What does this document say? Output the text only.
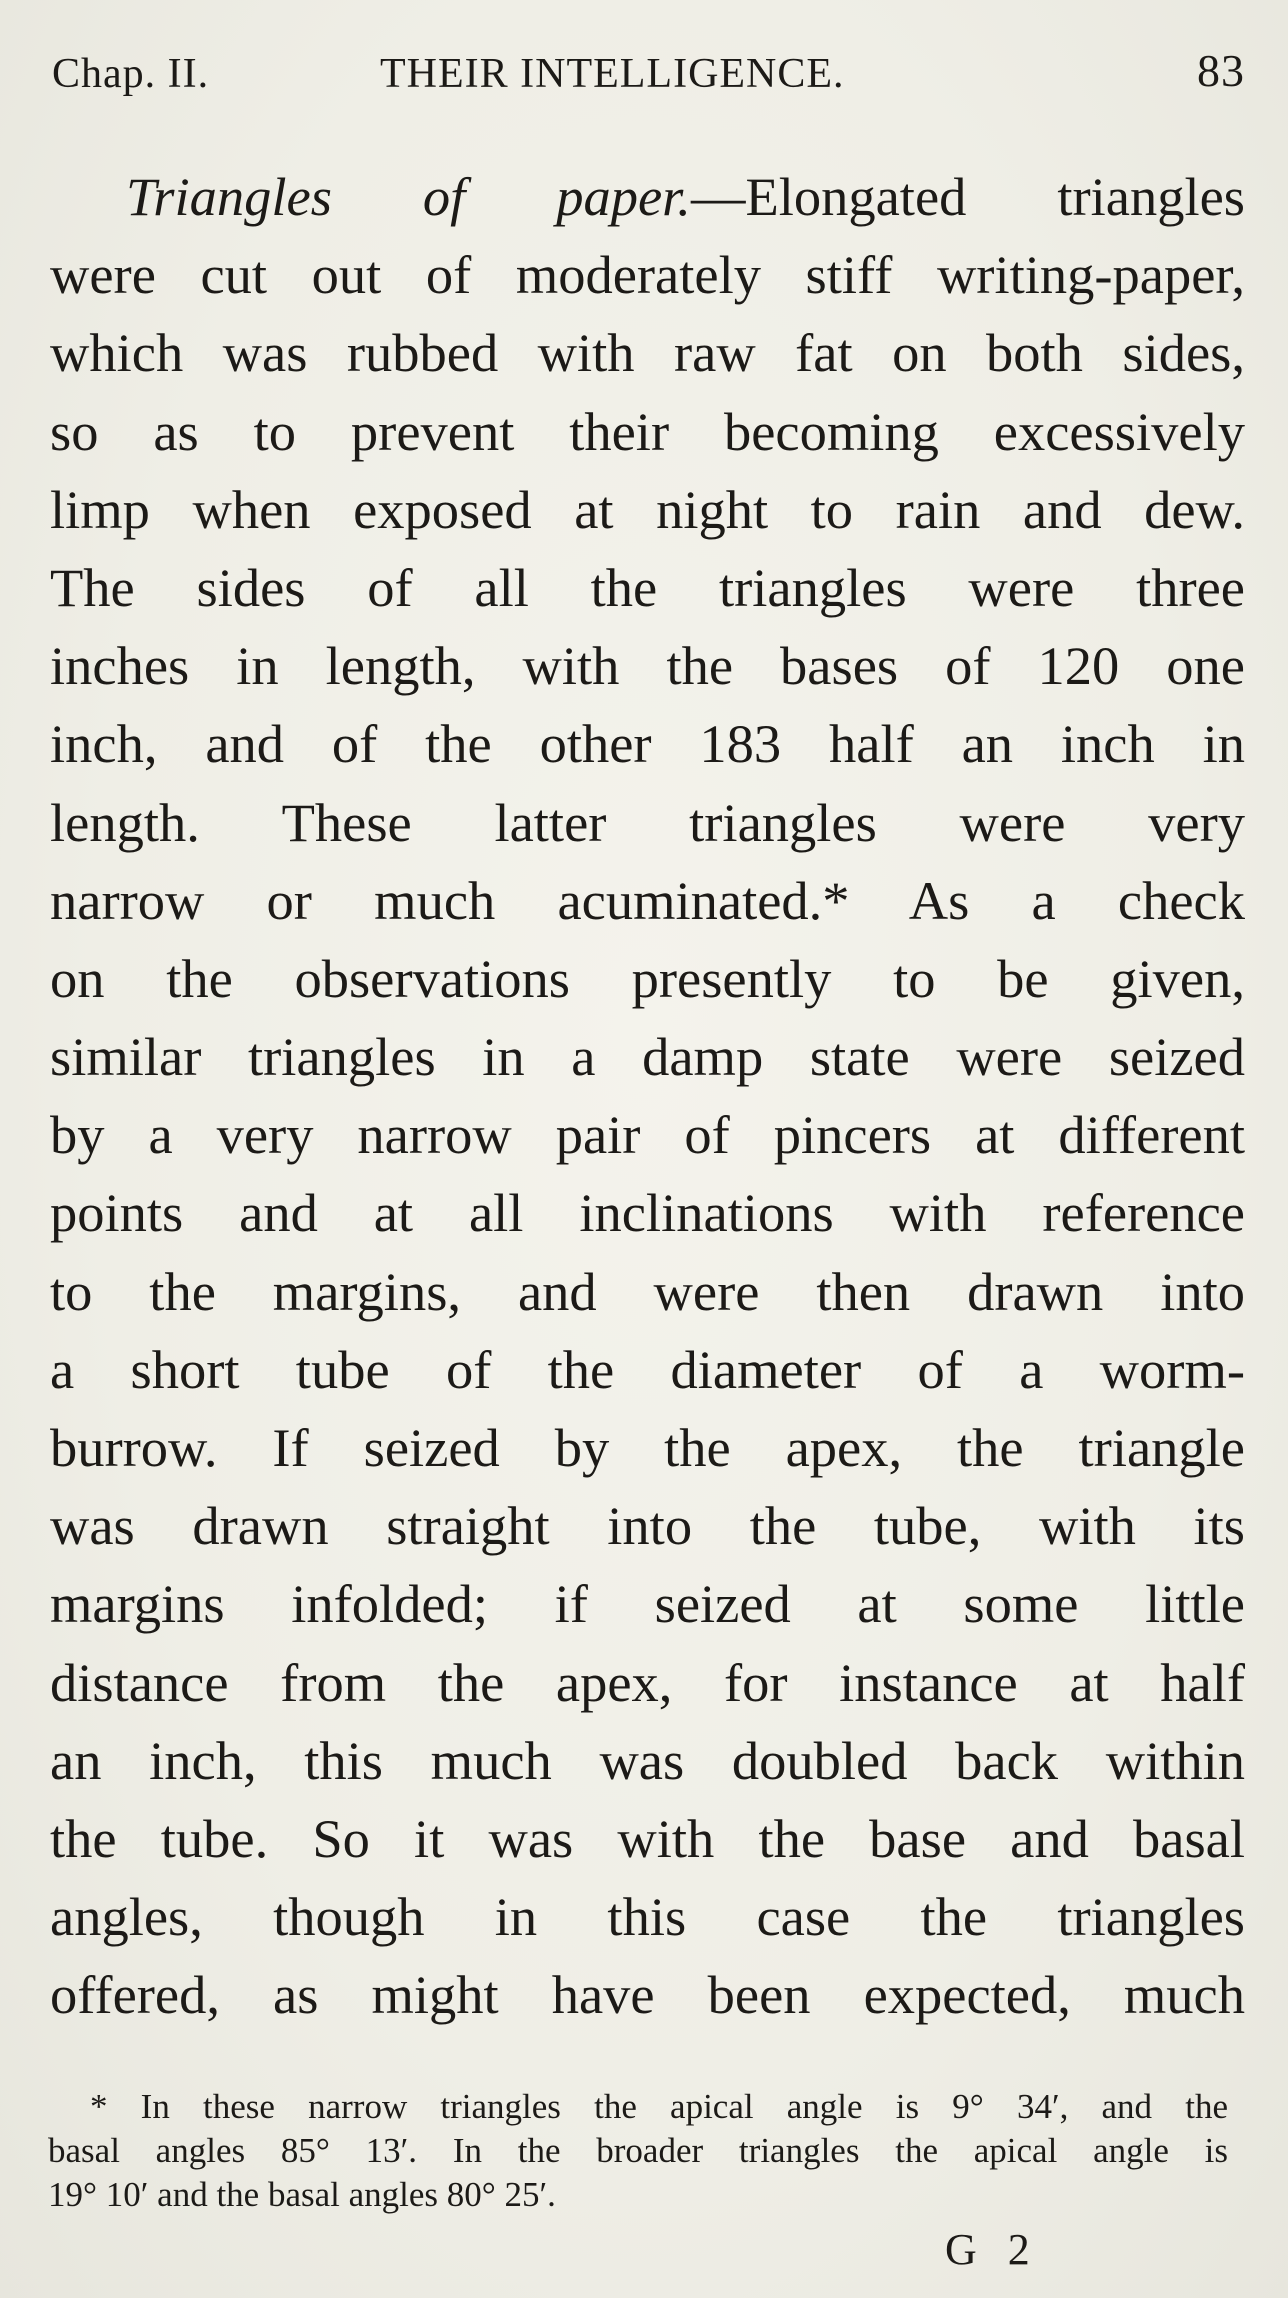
Chap. II.	THEIR INTELLIGENCE.	83
Triangles of paper.—Elongated triangles
were cut out of moderately stiff writing-paper,
which was rubbed with raw fat on both sides,
so as to prevent their becoming excessively
limp when exposed at night to rain and dew.
The sides of all the triangles were three
inches in length, with the bases of 120 one
inch, and of the other 183 half an inch in
length. These latter triangles were very
narrow or much acuminated.* As a check
on the observations presently to be given,
similar triangles in a damp state were seized
by a very narrow pair of pincers at different
points and at all inclinations with reference
to the margins, and were then drawn into
a short tube of the diameter of a worm-
burrow. If seized by the apex, the triangle
was drawn straight into the tube, with its
margins infolded; if seized at some little
distance from the apex, for instance at half
an inch, this much was doubled back within
the tube. So it was with the base and basal
angles, though in this case the triangles
offered, as might have been expected, much
* In these narrow triangles the apical angle is 9° 34′, and the
basal angles 85° 13′. In the broader triangles the apical angle is
19° 10′ and the basal angles 80° 25′.
G 2
